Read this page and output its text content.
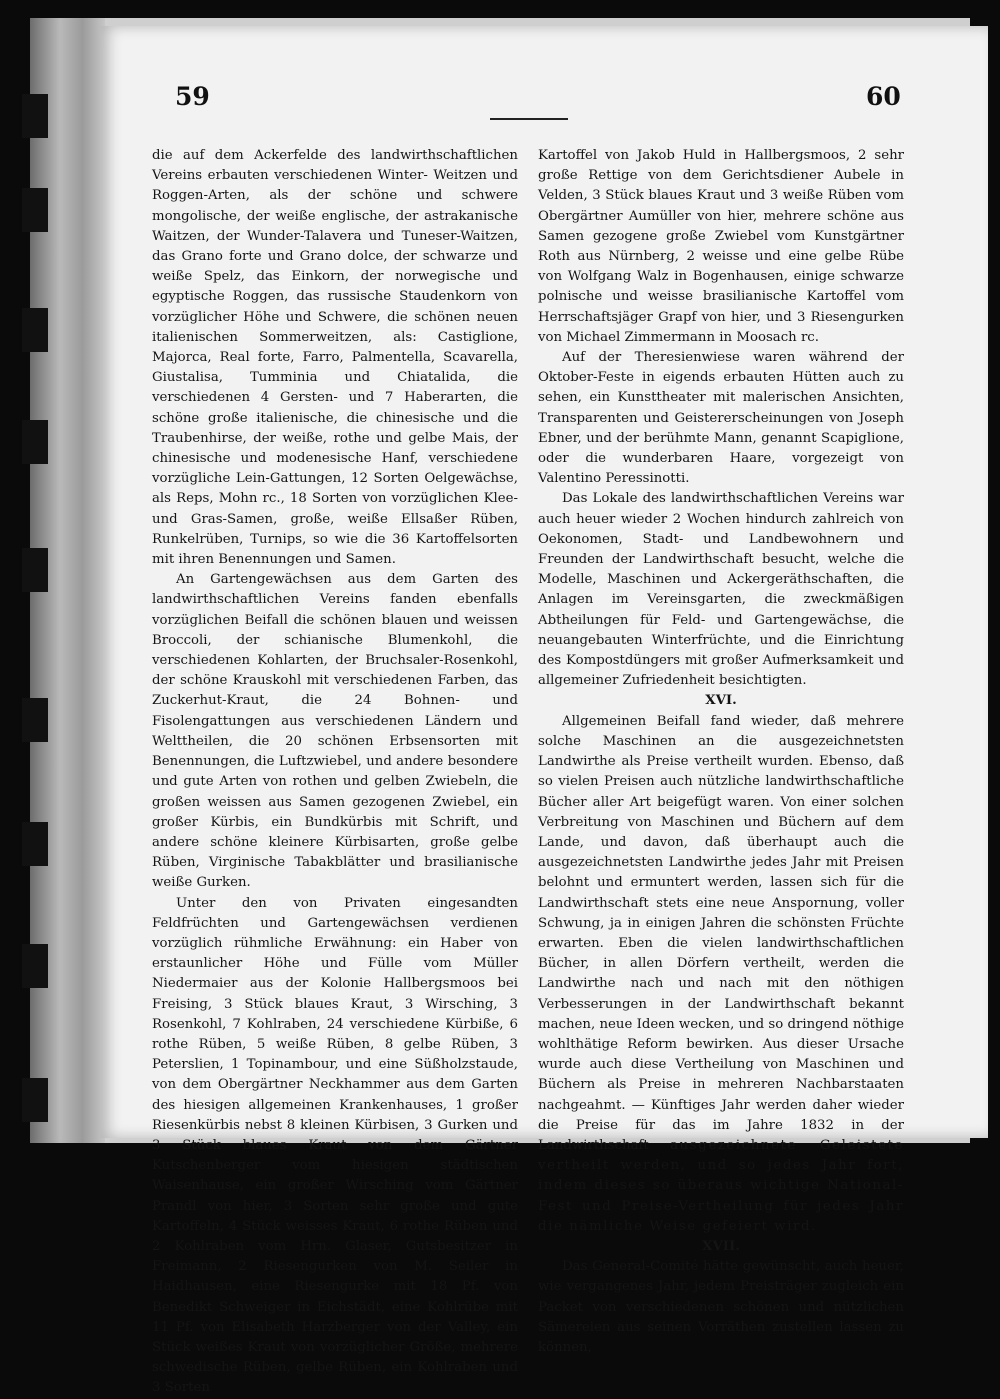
59	60

die auf dem Ackerfelde des landwirthschaftlichen Vereins erbauten verschiedenen Winter- Weitzen und Roggen-Arten, als der schöne und schwere mongolische, der weiße englische, der astrakanische Waitzen, der Wunder-Talavera und Tuneser-Waitzen, das Grano forte und Grano dolce, der schwarze und weiße Spelz, das Einkorn, der norwegische und egyptische Roggen, das russische Staudenkorn von vorzüglicher Höhe und Schwere, die schönen neuen italienischen Sommerweitzen, als: Castiglione, Majorca, Real forte, Farro, Palmentella, Scavarella, Giustalisa, Tumminia und Chiatalida, die verschiedenen 4 Gersten- und 7 Haberarten, die schöne große italienische, die chinesische und die Traubenhirse, der weiße, rothe und gelbe Mais, der chinesische und modenesische Hanf, verschiedene vorzügliche Lein-Gattungen, 12 Sorten Oelgewächse, als Reps, Mohn rc., 18 Sorten von vorzüglichen Klee- und Gras-Samen, große, weiße Ellsaßer Rüben, Runkelrüben, Turnips, so wie die 36 Kartoffelsorten mit ihren Benennungen und Samen.

An Gartengewächsen aus dem Garten des landwirthschaftlichen Vereins fanden ebenfalls vorzüglichen Beifall die schönen blauen und weissen Broccoli, der schianische Blumenkohl, die verschiedenen Kohlarten, der Bruchsaler-Rosenkohl, der schöne Krauskohl mit verschiedenen Farben, das Zuckerhut-Kraut, die 24 Bohnen- und Fisolengattungen aus verschiedenen Ländern und Welttheilen, die 20 schönen Erbsensorten mit Benennungen, die Luftzwiebel, und andere besondere und gute Arten von rothen und gelben Zwiebeln, die großen weissen aus Samen gezogenen Zwiebel, ein großer Kürbis, ein Bundkürbis mit Schrift, und andere schöne kleinere Kürbisarten, große gelbe Rüben, Virginische Tabakblätter und brasilianische weiße Gurken.

Unter den von Privaten eingesandten Feldfrüchten und Gartengewächsen verdienen vorzüglich rühmliche Erwähnung: ein Haber von erstaunlicher Höhe und Fülle vom Müller Niedermaier aus der Kolonie Hallbergsmoos bei Freising, 3 Stück blaues Kraut, 3 Wirsching, 3 Rosenkohl, 7 Kohlraben, 24 verschiedene Kürbiße, 6 rothe Rüben, 5 weiße Rüben, 8 gelbe Rüben, 3 Peterslien, 1 Topinambour, und eine Süßholzstaude, von dem Obergärtner Neckhammer aus dem Garten des hiesigen allgemeinen Krankenhauses, 1 großer Riesenkürbis nebst 8 kleinen Kürbisen, 3 Gurken und 3 Stück blaues Kraut von dem Gärtner Kutschenberger vom hiesigen städtischen Waisenhause, ein großer Wirsching vom Gärtner Prandl von hier, 3 Sorten sehr große und gute Kartoffeln, 4 Stück weisses Kraut, 6 rothe Rüben und 2 Kohlraben vom Hrn. Glaser, Gutsbesitzer in Freimann, 2 Riesengurken von M. Seiler in Haidhausen, eine Riesengurke mit 18 Pf. von Benedikt Schweiger in Eichstädt, eine Kohlrübe mit 11 Pf. von Elisabeth Harzberger von der Valley, ein Stück weißes Kraut von vorzüglicher Größe, mehrere schwedische Rüben, gelbe Rüben, ein Kohlraben und 3 Sorten

Kartoffel von Jakob Huld in Hallbergsmoos, 2 sehr große Rettige von dem Gerichtsdiener Aubele in Velden, 3 Stück blaues Kraut und 3 weiße Rüben vom Obergärtner Aumüller von hier, mehrere schöne aus Samen gezogene große Zwiebel vom Kunstgärtner Roth aus Nürnberg, 2 weisse und eine gelbe Rübe von Wolfgang Walz in Bogenhausen, einige schwarze polnische und weisse brasilianische Kartoffel vom Herrschaftsjäger Grapf von hier, und 3 Riesengurken von Michael Zimmermann in Moosach rc.

Auf der Theresienwiese waren während der Oktober-Feste in eigends erbauten Hütten auch zu sehen, ein Kunsttheater mit malerischen Ansichten, Transparenten und Geistererscheinungen von Joseph Ebner, und der berühmte Mann, genannt Scapiglione, oder die wunderbaren Haare, vorgezeigt von Valentino Peressinotti.

Das Lokale des landwirthschaftlichen Vereins war auch heuer wieder 2 Wochen hindurch zahlreich von Oekonomen, Stadt- und Landbewohnern und Freunden der Landwirthschaft besucht, welche die Modelle, Maschinen und Ackergeräthschaften, die Anlagen im Vereinsgarten, die zweckmäßigen Abtheilungen für Feld- und Gartengewächse, die neuangebauten Winterfrüchte, und die Einrichtung des Kompostdüngers mit großer Aufmerksamkeit und allgemeiner Zufriedenheit besichtigten.

XVI.

Allgemeinen Beifall fand wieder, daß mehrere solche Maschinen an die ausgezeichnetsten Landwirthe als Preise vertheilt wurden. Ebenso, daß so vielen Preisen auch nützliche landwirthschaftliche Bücher aller Art beigefügt waren. Von einer solchen Verbreitung von Maschinen und Büchern auf dem Lande, und davon, daß überhaupt auch die ausgezeichnetsten Landwirthe jedes Jahr mit Preisen belohnt und ermuntert werden, lassen sich für die Landwirthschaft stets eine neue Anspornung, voller Schwung, ja in einigen Jahren die schönsten Früchte erwarten. Eben die vielen landwirthschaftlichen Bücher, in allen Dörfern vertheilt, werden die Landwirthe nach und nach mit den nöthigen Verbesserungen in der Landwirthschaft bekannt machen, neue Ideen wecken, und so dringend nöthige wohlthätige Reform bewirken. Aus dieser Ursache wurde auch diese Vertheilung von Maschinen und Büchern als Preise in mehreren Nachbarstaaten nachgeahmt. — Künftiges Jahr werden daher wieder die Preise für das im Jahre 1832 in der Landwirthschaft ausgezeichnete Geleistete vertheilt werden, und so jedes Jahr fort, indem dieses so überaus wichtige National-Fest und Preise-Vertheilung für jedes Jahr die nämliche Weise gefeiert wird.

XVII.

Das General-Comité hätte gewünscht, auch heuer, wie vergangenes Jahr, jedem Preisträger zugleich ein Packet von verschiedenen schönen und nützlichen Sämereien aus seinen Vorräthen zustellen lassen zu können,
